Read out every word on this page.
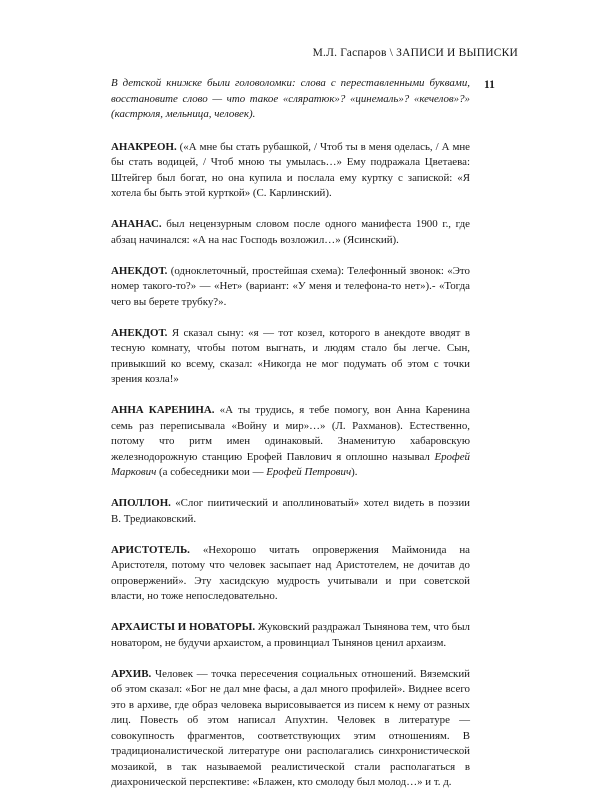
М.Л. Гаспаров \ ЗАПИСИ И ВЫПИСКИ
11

В детской книжке были головоломки: слова с переставленными буквами, восстановите слово — что такое «сляратюк»? «цинемаль»? «кечелов»?» (кастрюля, мельница, человек).

АНАКРЕОН. («А мне бы стать рубашкой, / Чтоб ты в меня оделась, / А мне бы стать водицей, / Чтоб мною ты умылась…» Ему подражала Цветаева: Штейгер был богат, но она купила и послала ему куртку с запиской: «Я хотела бы быть этой курткой» (С. Карлинский).

АНАНАС. был нецензурным словом после одного манифеста 1900 г., где абзац начинался: «А на нас Господь возложил…» (Ясинский).

АНЕКДОТ. (одноклеточный, простейшая схема): Телефонный звонок: «Это номер такого-то?» — «Нет» (вариант: «У меня и телефона-то нет»).- «Тогда чего вы берете трубку?».

АНЕКДОТ. Я сказал сыну: «я — тот козел, которого в анекдоте вводят в тесную комнату, чтобы потом выгнать, и людям стало бы легче. Сын, привыкший ко всему, сказал: «Никогда не мог подумать об этом с точки зрения козла!»

АННА КАРЕНИНА. «А ты трудись, я тебе помогу, вон Анна Каренина семь раз переписывала «Войну и мир»…» (Л. Рахманов). Естественно, потому что ритм имен одинаковый. Знаменитую хабаровскую железнодорожную станцию Ерофей Павлович я оплошно называл Ерофей Маркович (а собеседники мои — Ерофей Петрович).

АПОЛЛОН. «Слог пиитический и аполлиноватый» хотел видеть в поэзии В. Тредиаковский.

АРИСТОТЕЛЬ. «Нехорошо читать опровержения Маймонида на Аристотеля, потому что человек засыпает над Аристотелем, не дочитав до опровержений». Эту хасидскую мудрость учитывали и при советской власти, но тоже непоследовательно.

АРХАИСТЫ И НОВАТОРЫ. Жуковский раздражал Тынянова тем, что был новатором, не будучи архаистом, а провинциал Тынянов ценил архаизм.

АРХИВ. Человек — точка пересечения социальных отношений. Вяземский об этом сказал: «Бог не дал мне фасы, а дал много профилей». Виднее всего это в архиве, где образ человека вырисовывается из писем к нему от разных лиц. Повесть об этом написал Апухтин. Человек в литературе — совокупность фрагментов, соответствующих этим отношениям. В традиционалистической литературе они располагались синхронистической мозаикой, в так называемой реалистической стали располагаться в диахронической перспективе: «Блажен, кто смолоду был молод…» и т. д.
